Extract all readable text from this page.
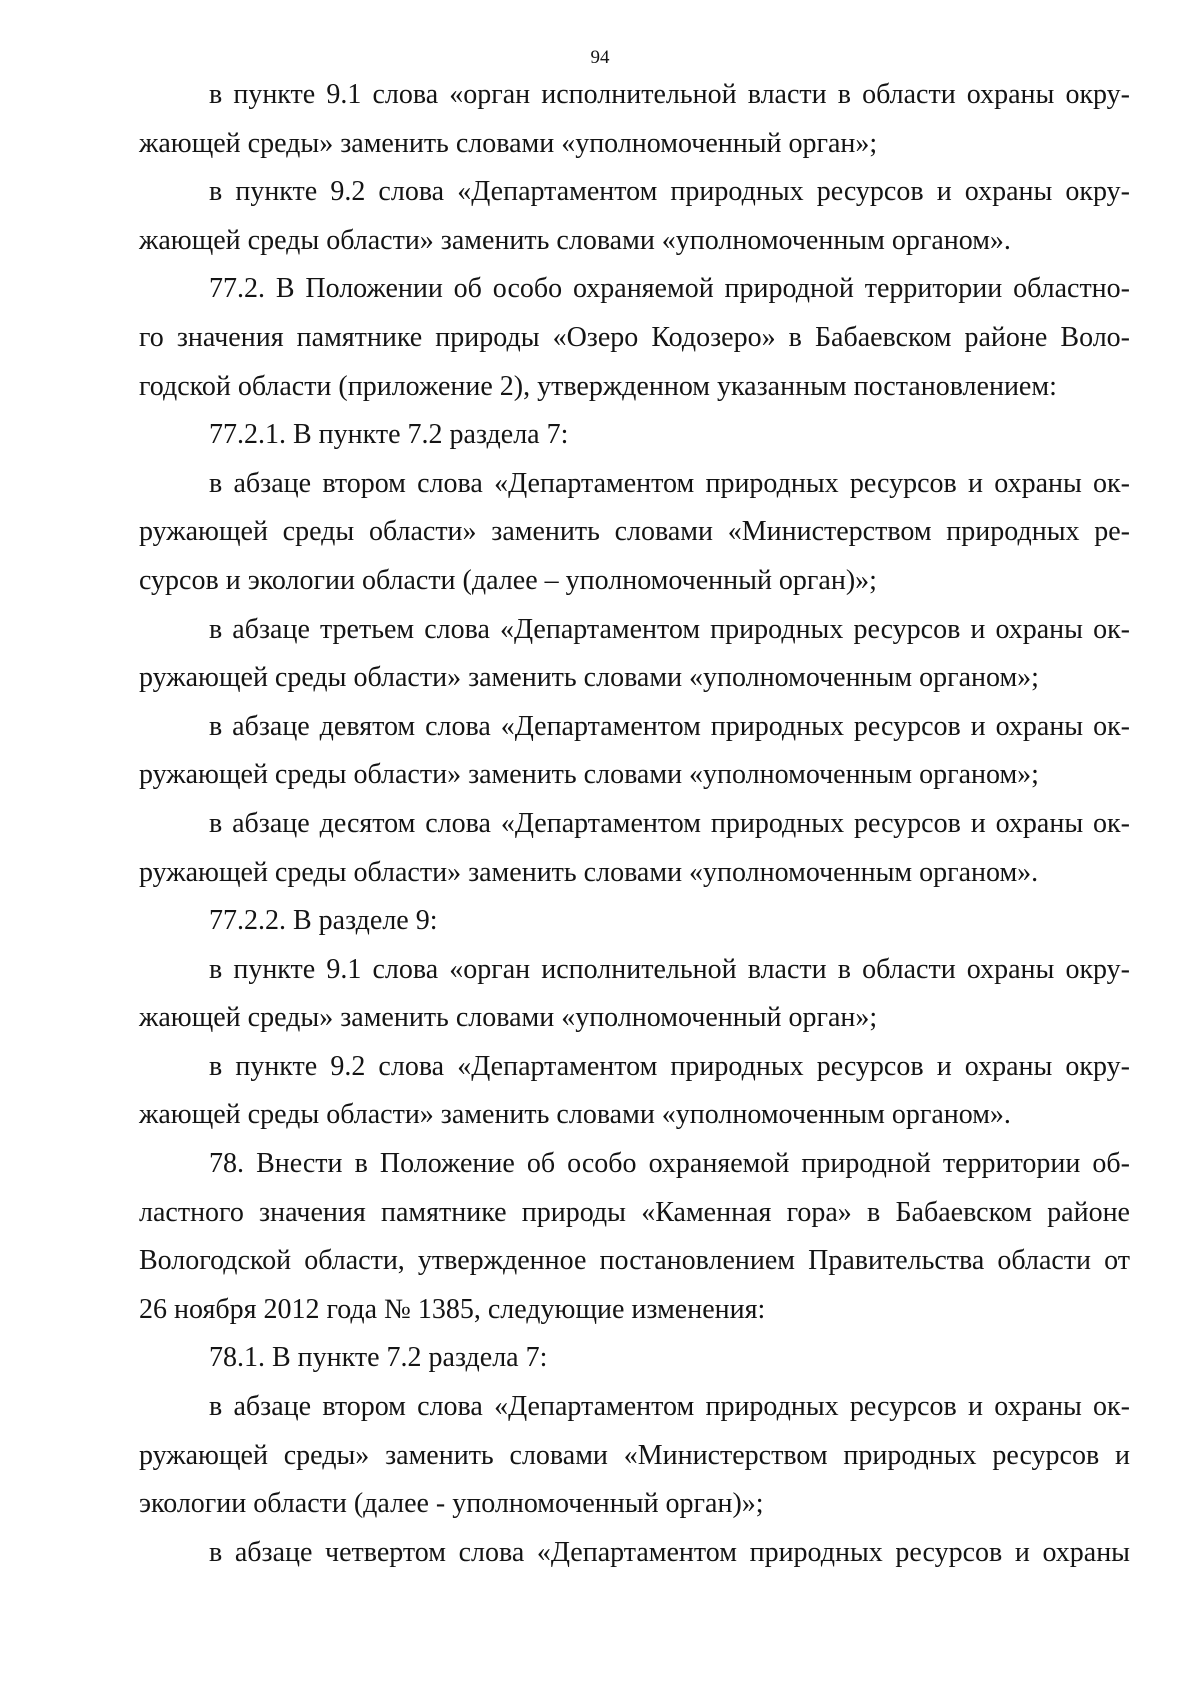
94
в пункте 9.1 слова «орган исполнительной власти в области охраны окру-
жающей среды» заменить словами «уполномоченный орган»;
в пункте 9.2 слова «Департаментом природных ресурсов и охраны окру-
жающей среды области» заменить словами «уполномоченным органом».
77.2. В Положении об особо охраняемой природной территории областно-
го значения памятнике природы «Озеро Кодозеро» в Бабаевском районе Воло-
годской области (приложение 2), утвержденном указанным постановлением:
77.2.1. В пункте 7.2 раздела 7:
в абзаце втором слова «Департаментом природных ресурсов и охраны ок-
ружающей среды области» заменить словами «Министерством природных ре-
сурсов и экологии области (далее – уполномоченный орган)»;
в абзаце третьем слова «Департаментом природных ресурсов и охраны ок-
ружающей среды области» заменить словами «уполномоченным органом»;
в абзаце девятом слова «Департаментом природных ресурсов и охраны ок-
ружающей среды области» заменить словами «уполномоченным органом»;
в абзаце десятом слова «Департаментом природных ресурсов и охраны ок-
ружающей среды области» заменить словами «уполномоченным органом».
77.2.2. В разделе 9:
в пункте 9.1 слова «орган исполнительной власти в области охраны окру-
жающей среды» заменить словами «уполномоченный орган»;
в пункте 9.2 слова «Департаментом природных ресурсов и охраны окру-
жающей среды области» заменить словами «уполномоченным органом».
78. Внести в Положение об особо охраняемой природной территории об-
ластного значения памятнике природы «Каменная гора» в Бабаевском районе
Вологодской области, утвержденное постановлением Правительства области от
26 ноября 2012 года № 1385, следующие изменения:
78.1. В пункте 7.2 раздела 7:
в абзаце втором слова «Департаментом природных ресурсов и охраны ок-
ружающей среды» заменить словами «Министерством природных ресурсов и
экологии области (далее - уполномоченный орган)»;
в абзаце четвертом слова «Департаментом природных ресурсов и охраны
